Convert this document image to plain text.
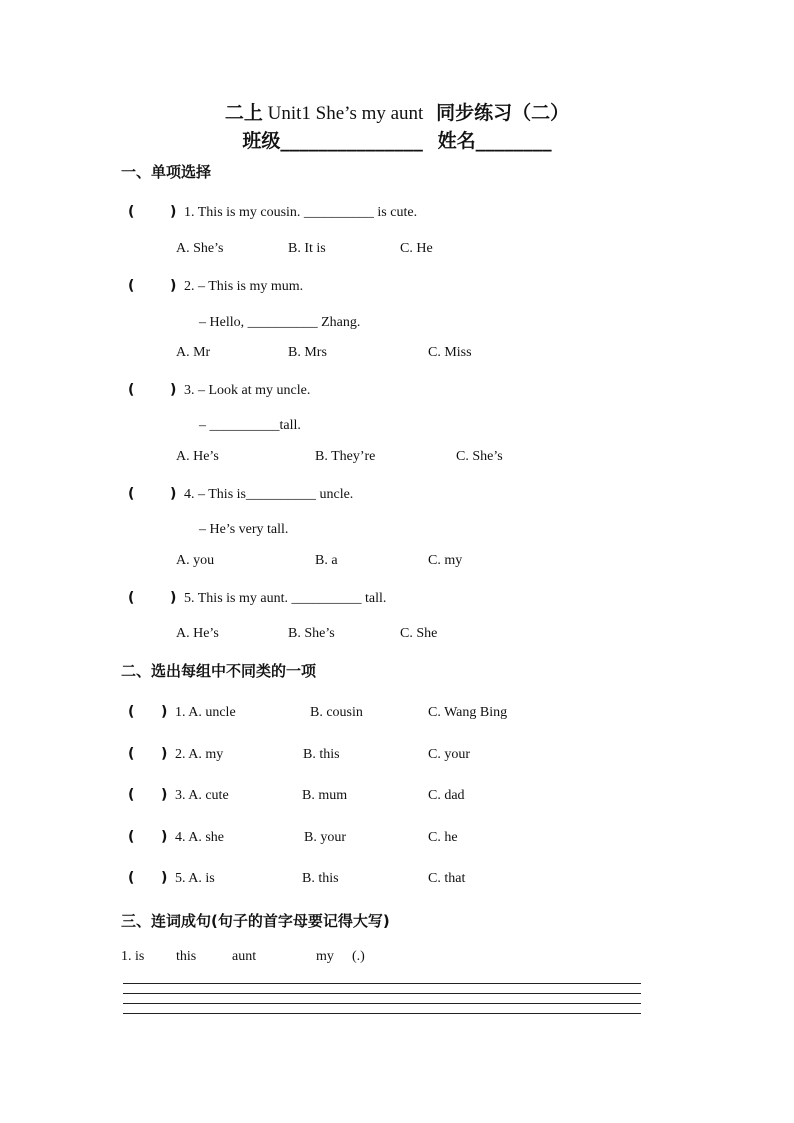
二上 Unit1 She’s my aunt 同步练习（二）
班级_______________ 姓名________
一、单项选择
(	) 1. This is my cousin. __________ is cute.
A. She’s	B. It is	C. He
(	) 2. – This is my mum.
– Hello, __________ Zhang.
A. Mr	B. Mrs	C. Miss
(	) 3. – Look at my uncle.
– __________tall.
A. He’s	B. They’re	C. She’s
(	) 4. – This is__________ uncle.
– He’s very tall.
A. you	B. a	C. my
(	) 5. This is my aunt. __________ tall.
A. He’s	B. She’s	C. She
二、选出每组中不同类的一项
( ) 1. A. uncle	B. cousin	C. Wang Bing
( ) 2. A. my	B. this	C. your
( ) 3. A. cute	B. mum	C. dad
( ) 4. A. she	B. your	C. he
( ) 5. A. is	B. this	C. that
三、连词成句(句子的首字母要记得大写)
1. is this	aunt	my (.)
